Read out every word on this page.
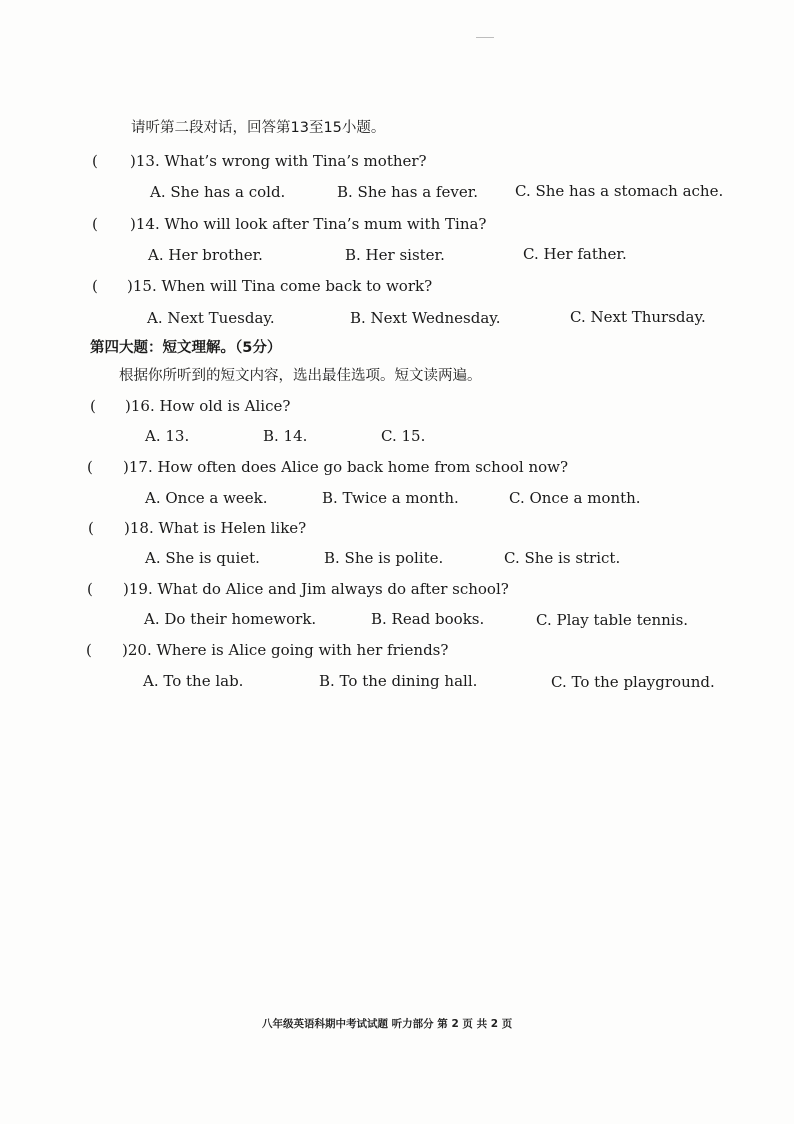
请听第二段对话，回答第13至15小题。
( )13. What’s wrong with Tina’s mother?
A. She has a cold.	B. She has a fever. C. She has a stomach ache.
( )14. Who will look after Tina’s mum with Tina?
A. Her brother.	B. Her sister.	C. Her father.
( )15. When will Tina come back to work?
A. Next Tuesday.	B. Next Wednesday.	C. Next Thursday.
第四大题：短文理解。（5分）
根据你所听到的短文内容，选出最佳选项。短文读两遍。
( )16. How old is Alice?
A. 13.	B. 14.	C. 15.
( )17. How often does Alice go back home from school now?
A. Once a week.	B. Twice a month.	C. Once a month.
( )18. What is Helen like?
A. She is quiet.	B. She is polite.	C. She is strict.
( )19. What do Alice and Jim always do after school?
A. Do their homework.	B. Read books.	C. Play table tennis.
( )20. Where is Alice going with her friends?
A. To the lab.	B. To the dining hall.	C. To the playground.
八年级英语科期中考试试题 听力部分 第 2 页 共 2 页
